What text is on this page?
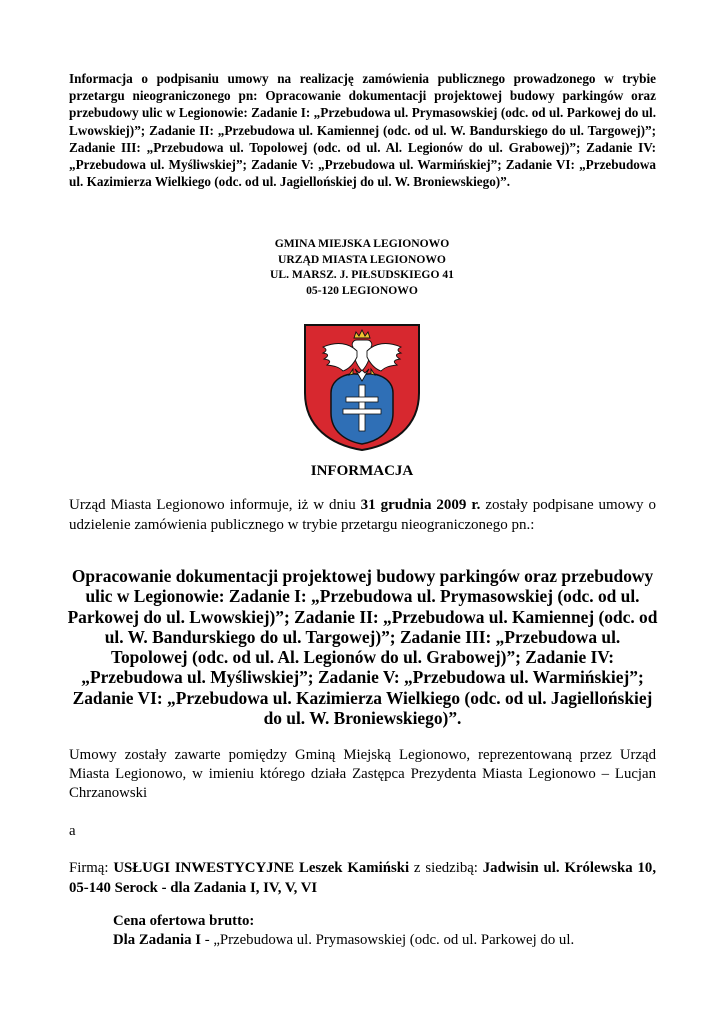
Informacja o podpisaniu umowy na realizację zamówienia publicznego prowadzonego w trybie przetargu nieograniczonego pn: Opracowanie dokumentacji projektowej budowy parkingów oraz przebudowy ulic w Legionowie: Zadanie I: „Przebudowa ul. Prymasowskiej (odc. od ul. Parkowej do ul. Lwowskiej)”; Zadanie II: „Przebudowa ul. Kamiennej (odc. od ul. W. Bandurskiego do ul. Targowej)”; Zadanie III: „Przebudowa ul. Topolowej (odc. od ul. Al. Legionów do ul. Grabowej)”; Zadanie IV: „Przebudowa ul. Myśliwskiej”; Zadanie V: „Przebudowa ul. Warmińskiej”; Zadanie VI: „Przebudowa ul. Kazimierza Wielkiego (odc. od ul. Jagiellońskiej do ul. W. Broniewskiego)”.
GMINA MIEJSKA LEGIONOWO
URZĄD MIASTA LEGIONOWO
UL. MARSZ. J. PIŁSUDSKIEGO 41
05-120 LEGIONOWO
INFORMACJA
Urząd Miasta Legionowo informuje, iż w dniu 31 grudnia 2009 r. zostały podpisane umowy o udzielenie zamówienia publicznego w trybie przetargu nieograniczonego pn.:
Opracowanie dokumentacji projektowej budowy parkingów oraz przebudowy ulic w Legionowie: Zadanie I: „Przebudowa ul. Prymasowskiej (odc. od ul. Parkowej do ul. Lwowskiej)”; Zadanie II: „Przebudowa ul. Kamiennej (odc. od ul. W. Bandurskiego do ul. Targowej)”; Zadanie III: „Przebudowa ul. Topolowej (odc. od ul. Al. Legionów do ul. Grabowej)”; Zadanie IV: „Przebudowa ul. Myśliwskiej”; Zadanie V: „Przebudowa ul. Warmińskiej”; Zadanie VI: „Przebudowa ul. Kazimierza Wielkiego (odc. od ul. Jagiellońskiej do ul. W. Broniewskiego)”.
Umowy zostały zawarte pomiędzy Gminą Miejską Legionowo, reprezentowaną przez Urząd Miasta Legionowo, w imieniu którego działa Zastępca Prezydenta Miasta Legionowo – Lucjan Chrzanowski
a
Firmą: USŁUGI INWESTYCYJNE Leszek Kamiński z siedzibą: Jadwisin ul. Królewska 10, 05-140 Serock - dla Zadania I, IV, V, VI
Cena ofertowa brutto:
Dla Zadania I - „Przebudowa ul. Prymasowskiej (odc. od ul. Parkowej do ul.
